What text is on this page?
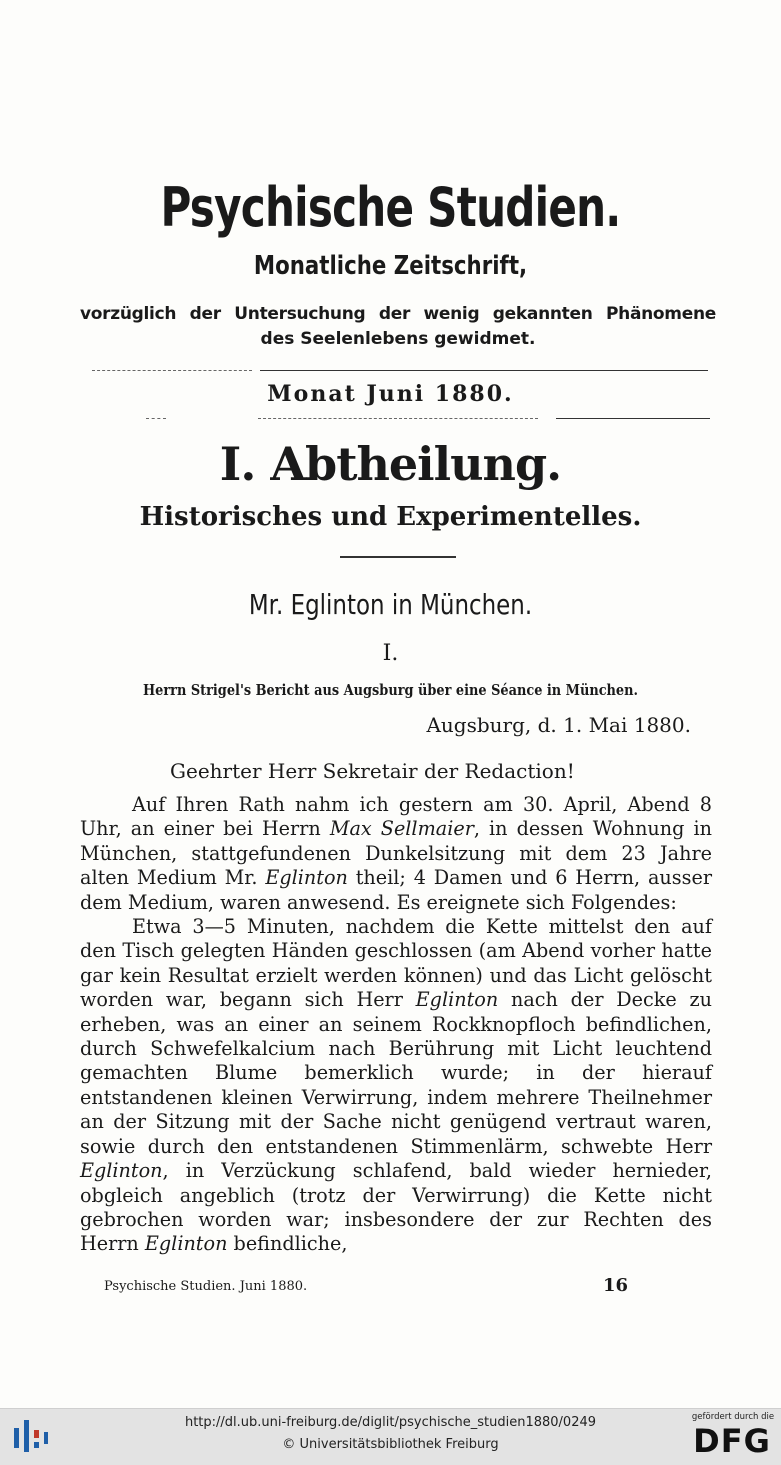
Psychische Studien.
Monatliche Zeitschrift,
vorzüglich der Untersuchung der wenig gekannten Phänomene
des Seelenlebens gewidmet.
Monat Juni 1880.
I. Abtheilung.
Historisches und Experimentelles.
Mr. Eglinton in München.
I.
Herrn Strigel's Bericht aus Augsburg über eine Séance in München.
Augsburg, d. 1. Mai 1880.
Geehrter Herr Sekretair der Redaction!

Auf Ihren Rath nahm ich gestern am 30. April, Abend 8 Uhr, an einer bei Herrn Max Sellmaier, in dessen Wohnung in München, stattgefundenen Dunkelsitzung mit dem 23 Jahre alten Medium Mr. Eglinton theil; 4 Damen und 6 Herrn, ausser dem Medium, waren anwesend. Es ereignete sich Folgendes:

Etwa 3—5 Minuten, nachdem die Kette mittelst den auf den Tisch gelegten Händen geschlossen (am Abend vorher hatte gar kein Resultat erzielt werden können) und das Licht gelöscht worden war, begann sich Herr Eglinton nach der Decke zu erheben, was an einer an seinem Rockknopfloch befindlichen, durch Schwefelkalcium nach Berührung mit Licht leuchtend gemachten Blume bemerklich wurde; in der hierauf entstandenen kleinen Verwirrung, indem mehrere Theilnehmer an der Sitzung mit der Sache nicht genügend vertraut waren, sowie durch den entstandenen Stimmenlärm, schwebte Herr Eglinton, in Verzückung schlafend, bald wieder hernieder, obgleich angeblich (trotz der Verwirrung) die Kette nicht gebrochen worden war; insbesondere der zur Rechten des Herrn Eglinton befindliche,

Psychische Studien. Juni 1880.	16
http://dl.ub.uni-freiburg.de/diglit/psychische_studien1880/0249
© Universitätsbibliothek Freiburg
gefördert durch die
DFG
